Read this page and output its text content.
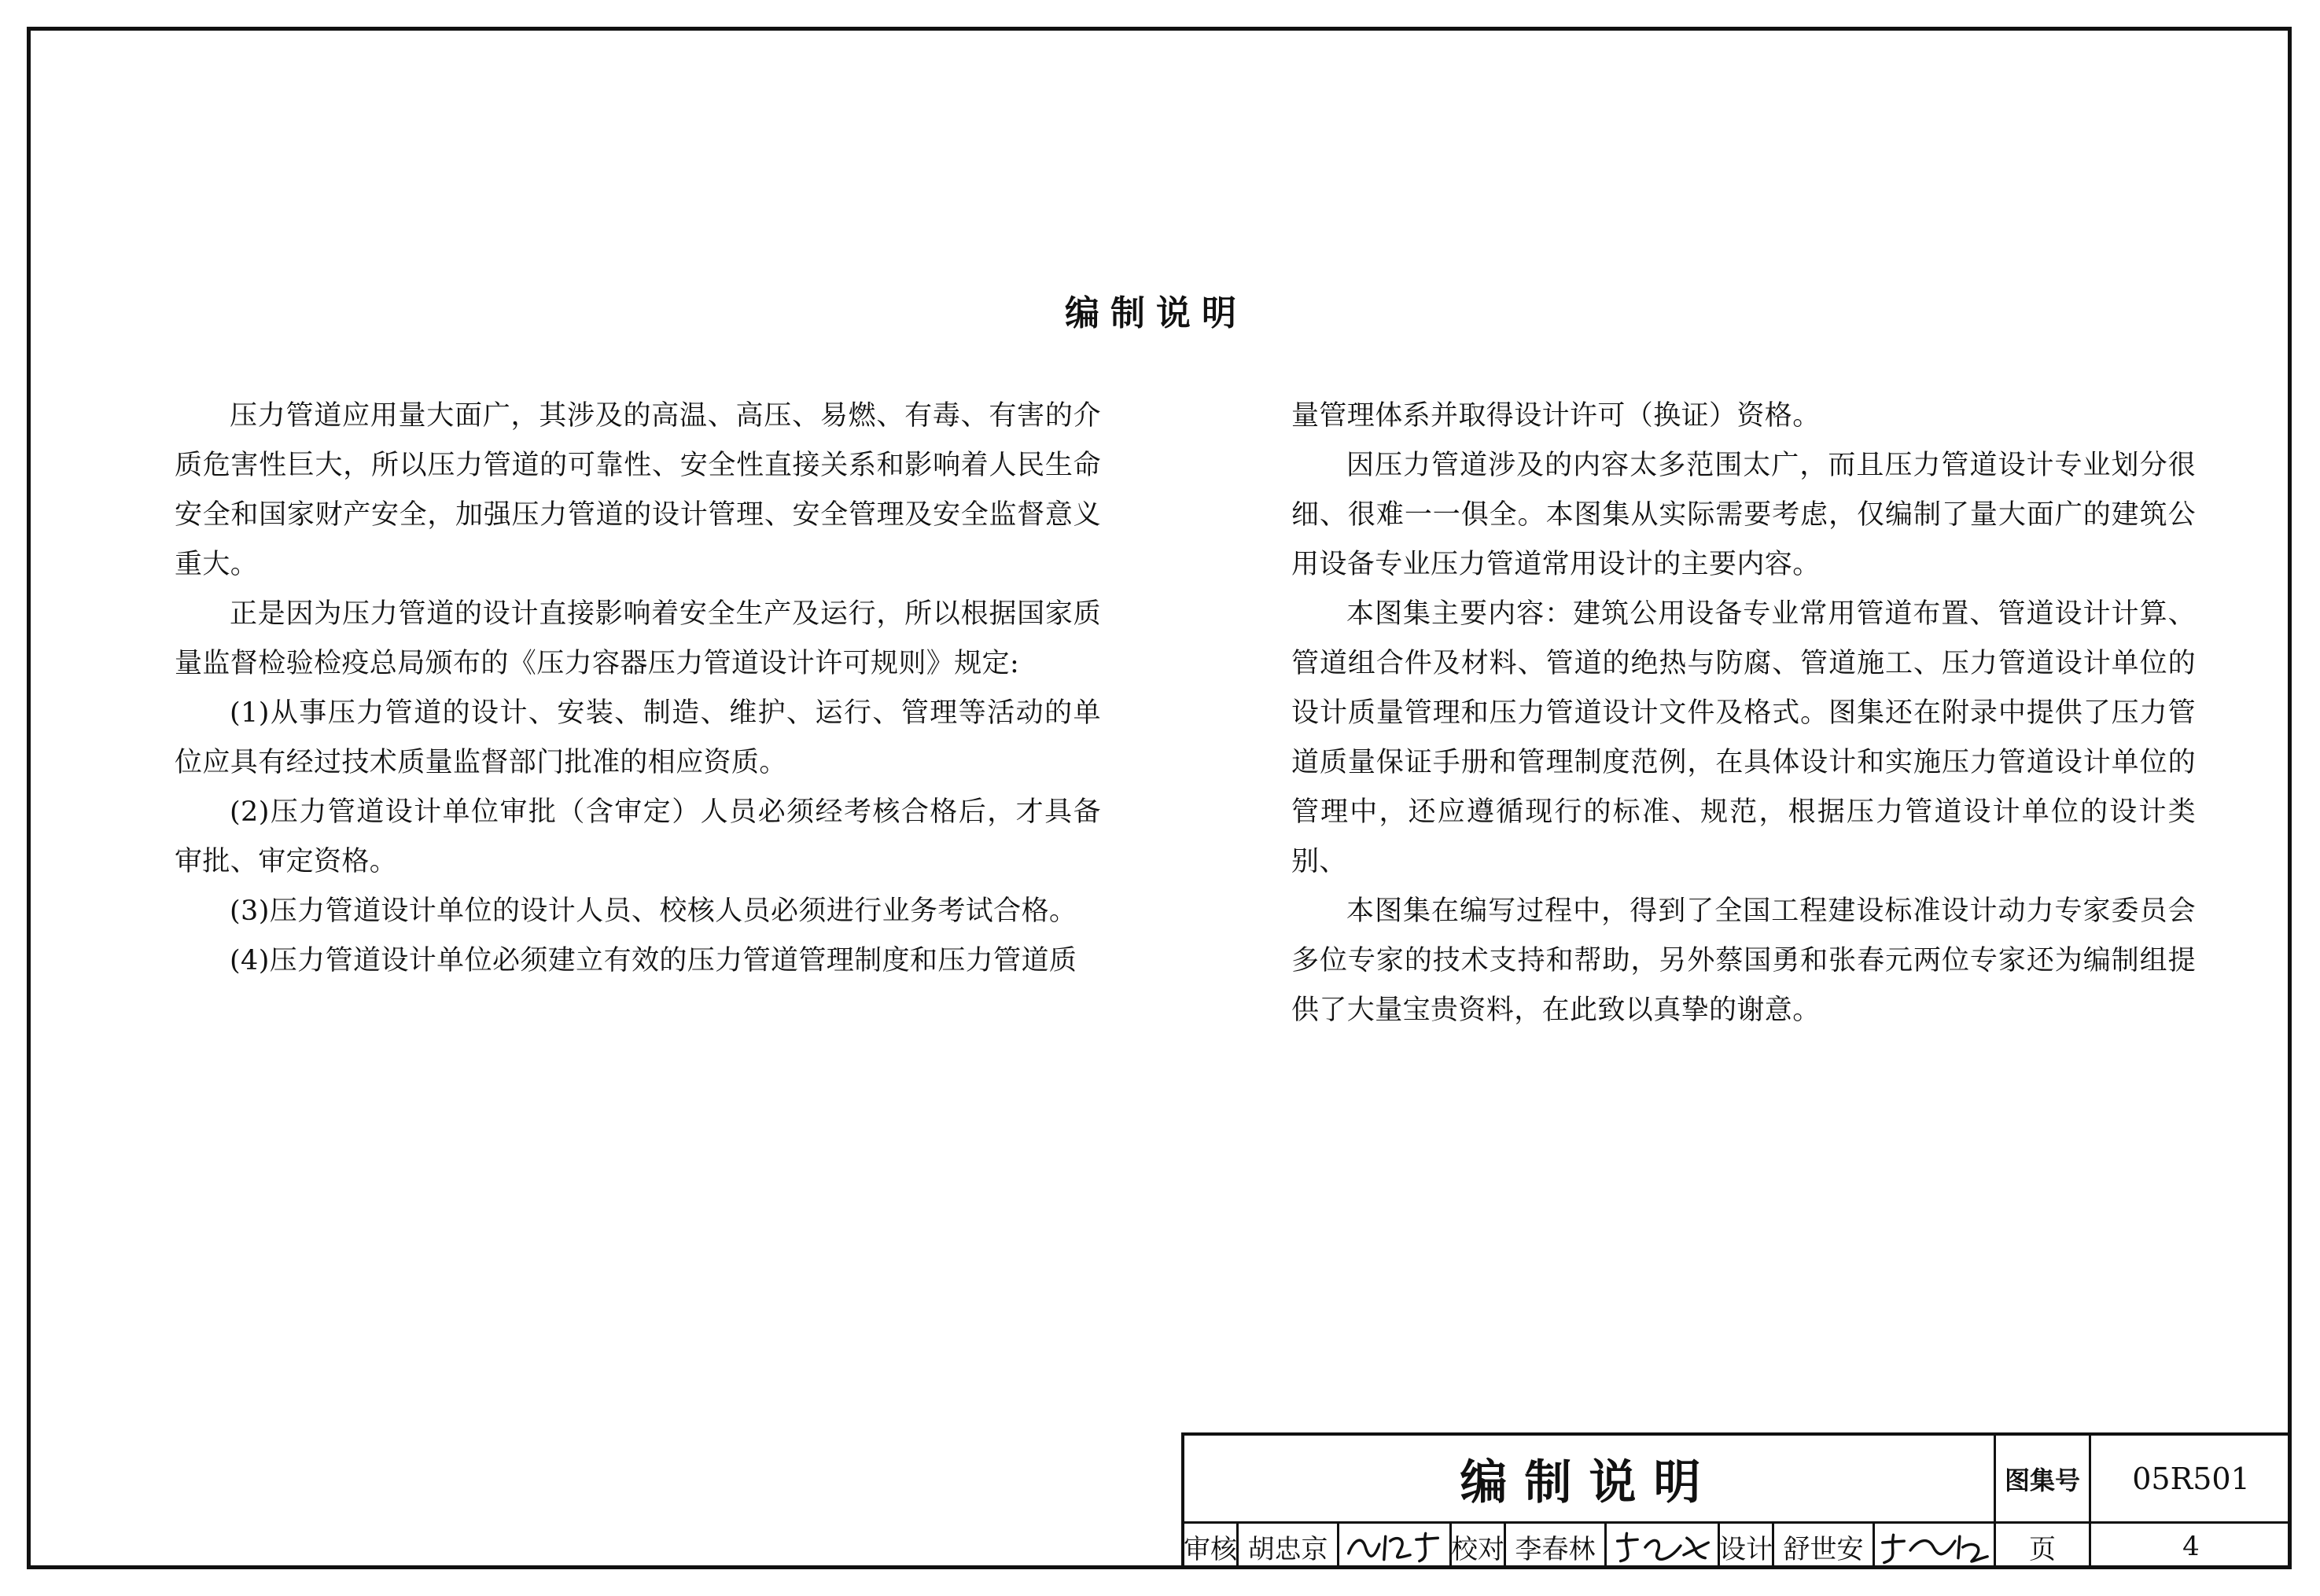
编制说明

压力管道应用量大面广，其涉及的高温、高压、易燃、有毒、有害的介质危害性巨大，所以压力管道的可靠性、安全性直接关系和影响着人民生命安全和国家财产安全，加强压力管道的设计管理、安全管理及安全监督意义重大。

正是因为压力管道的设计直接影响着安全生产及运行，所以根据国家质量监督检验检疫总局颁布的《压力容器压力管道设计许可规则》规定:

(1)从事压力管道的设计、安装、制造、维护、运行、管理等活动的单位应具有经过技术质量监督部门批准的相应资质。

(2)压力管道设计单位审批（含审定）人员必须经考核合格后，才具备审批、审定资格。

(3)压力管道设计单位的设计人员、校核人员必须进行业务考试合格。

(4)压力管道设计单位必须建立有效的压力管道管理制度和压力管道质

量管理体系并取得设计许可（换证）资格。

因压力管道涉及的内容太多范围太广，而且压力管道设计专业划分很细、很难一一俱全。本图集从实际需要考虑，仅编制了量大面广的建筑公用设备专业压力管道常用设计的主要内容。

本图集主要内容：建筑公用设备专业常用管道布置、管道设计计算、管道组合件及材料、管道的绝热与防腐、管道施工、压力管道设计单位的设计质量管理和压力管道设计文件及格式。图集还在附录中提供了压力管道质量保证手册和管理制度范例，在具体设计和实施压力管道设计单位的管理中，还应遵循现行的标准、规范，根据压力管道设计单位的设计类别、

本图集在编写过程中，得到了全国工程建设标准设计动力专家委员会多位专家的技术支持和帮助，另外蔡国勇和张春元两位专家还为编制组提供了大量宝贵资料，在此致以真挚的谢意。

编制说明	图集号	05R501
审核 胡忠京	校对 李春林	设计 舒世安	页	4
